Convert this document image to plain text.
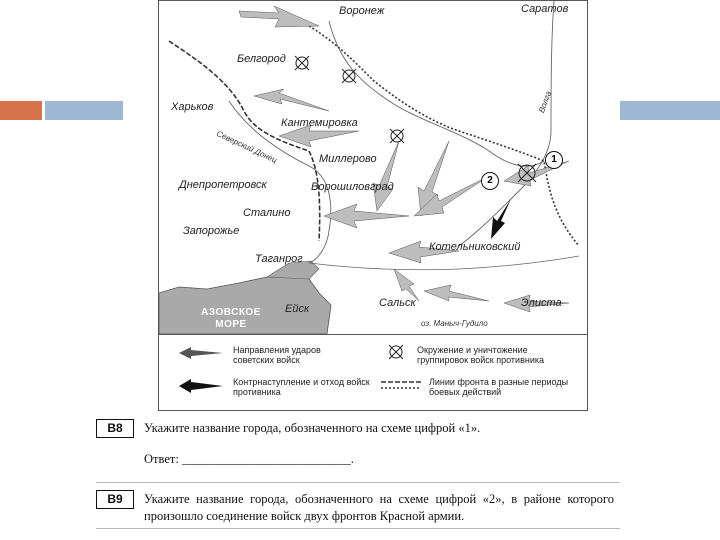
Воронеж	Саратов
Белгород
Харьков
Кантемировка
Миллерово
Ворошиловград
Днепропетровск
Сталино
Запорожье
Таганрог
Котельниковский
Ейск	Сальск	Элиста
Волга
Северский Донец
оз. Маныч-Гудило
АЗОВСКОЕ
МОРЕ
1
2
Направления ударов советских войск
Окружение и уничтожение группировок войск противника
Контрнаступление и отход войск противника
Линии фронта в разные периоды боевых действий
В8	Укажите название города, обозначенного на схеме цифрой «1».
Ответ: ___________________________.
В9	Укажите название города, обозначенного на схеме цифрой «2», в районе которого произошло соединение войск двух фронтов Красной армии.
